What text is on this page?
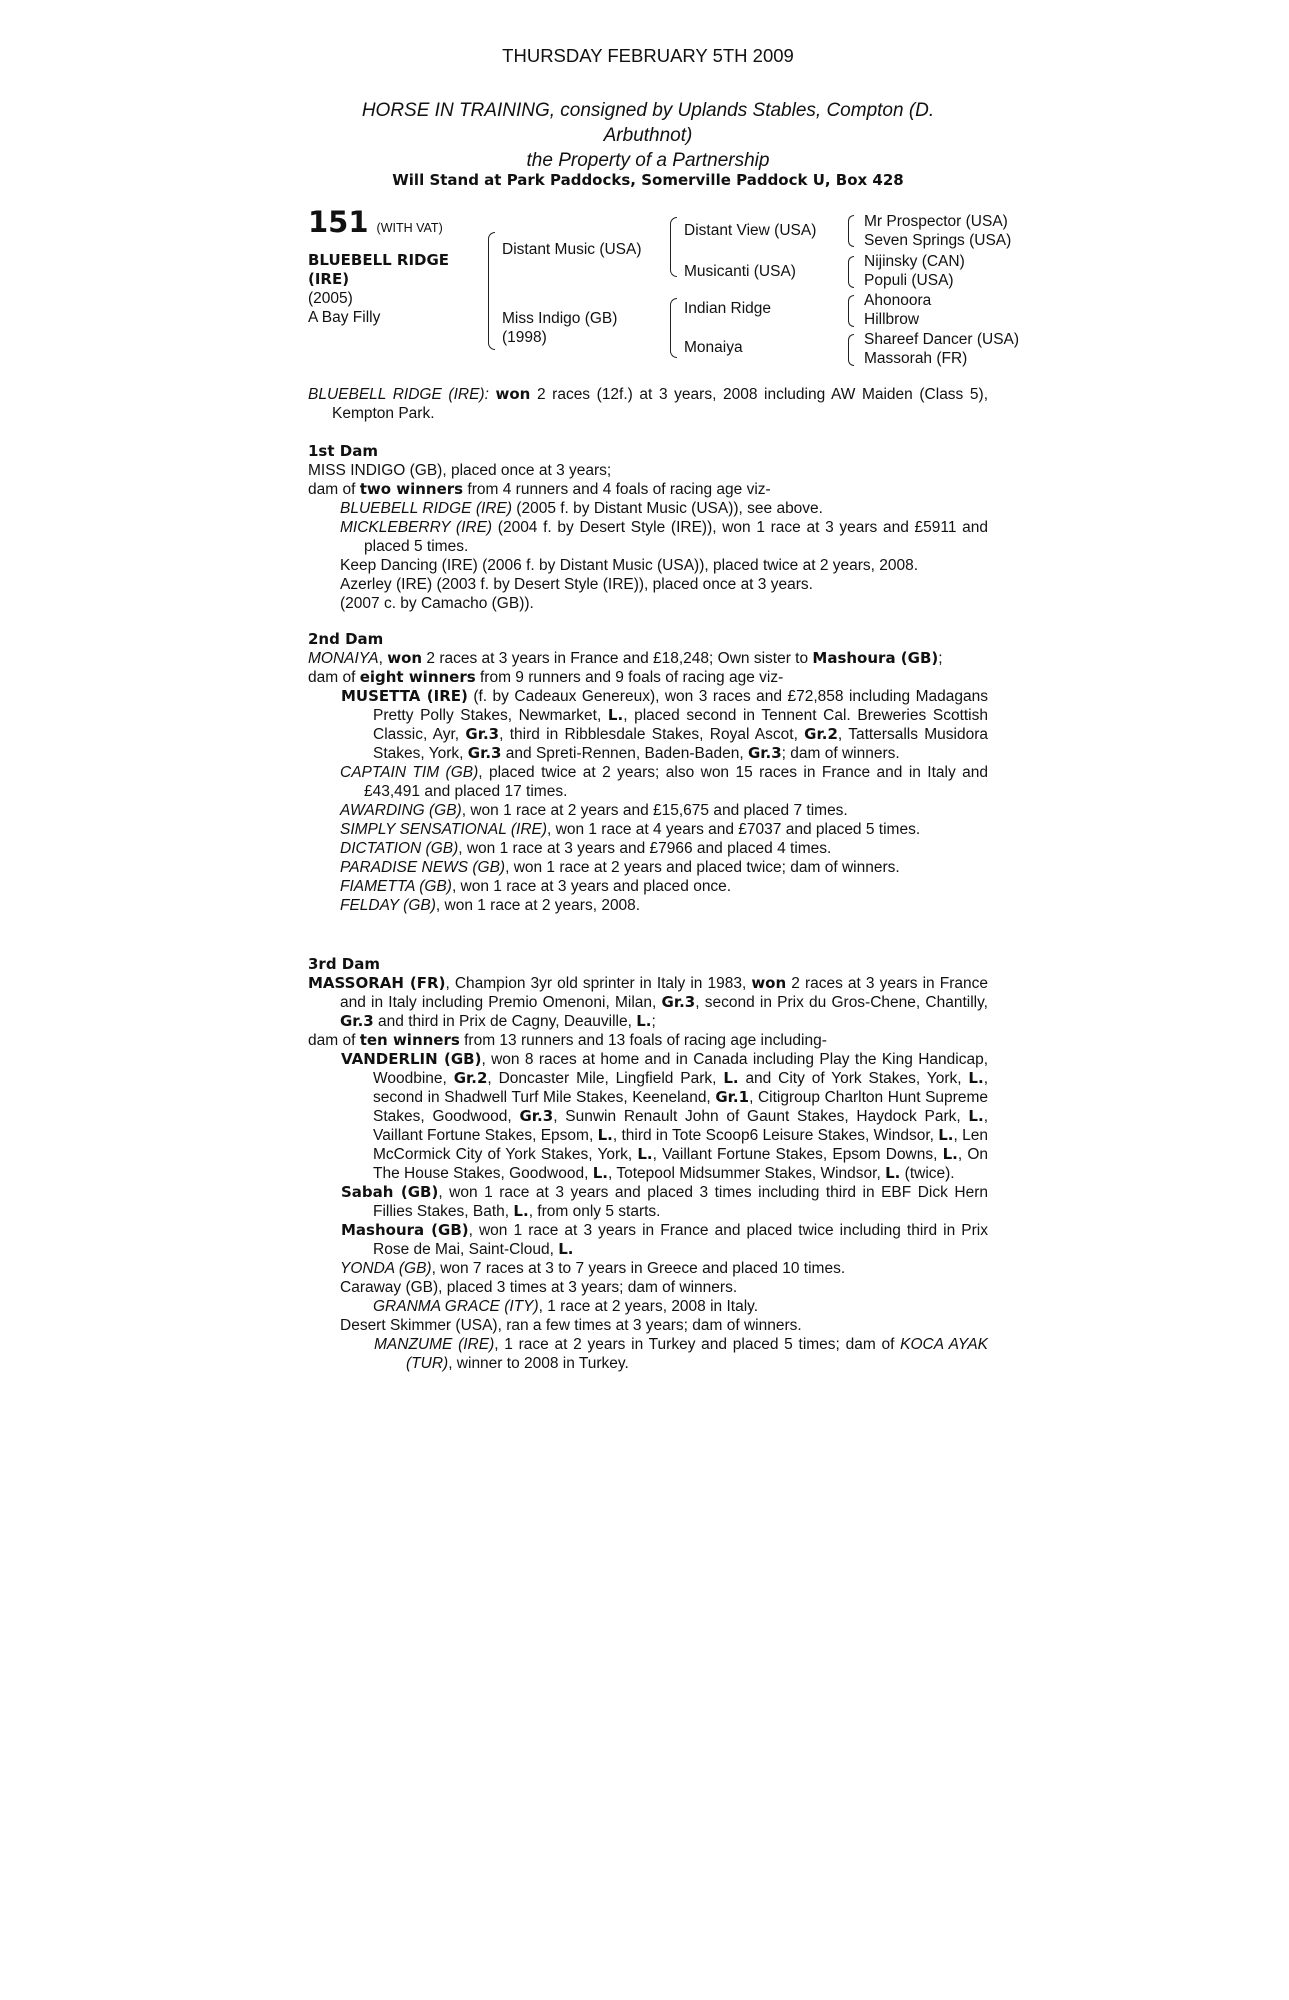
THURSDAY FEBRUARY 5TH 2009
HORSE IN TRAINING, consigned by Uplands Stables, Compton (D.
Arbuthnot)
the Property of a Partnership
Will Stand at Park Paddocks, Somerville Paddock U, Box 428
151 (WITH VAT)
BLUEBELL RIDGE
(IRE)
(2005)
A Bay Filly
Distant Music (USA)
Miss Indigo (GB)
(1998)
Distant View (USA)
Musicanti (USA)
Indian Ridge
Monaiya
Mr Prospector (USA)
Seven Springs (USA)
Nijinsky (CAN)
Populi (USA)
Ahonoora
Hillbrow
Shareef Dancer (USA)
Massorah (FR)

BLUEBELL RIDGE (IRE): won 2 races (12f.) at 3 years, 2008 including AW Maiden (Class 5), Kempton Park.

1st Dam

MISS INDIGO (GB), placed once at 3 years;

dam of two winners from 4 runners and 4 foals of racing age viz-

BLUEBELL RIDGE (IRE) (2005 f. by Distant Music (USA)), see above.

MICKLEBERRY (IRE) (2004 f. by Desert Style (IRE)), won 1 race at 3 years and £5911 and placed 5 times.

Keep Dancing (IRE) (2006 f. by Distant Music (USA)), placed twice at 2 years, 2008.

Azerley (IRE) (2003 f. by Desert Style (IRE)), placed once at 3 years.

(2007 c. by Camacho (GB)).

2nd Dam

MONAIYA, won 2 races at 3 years in France and £18,248; Own sister to Mashoura (GB);

dam of eight winners from 9 runners and 9 foals of racing age viz-

MUSETTA (IRE) (f. by Cadeaux Genereux), won 3 races and £72,858 including Madagans Pretty Polly Stakes, Newmarket, L., placed second in Tennent Cal. Breweries Scottish Classic, Ayr, Gr.3, third in Ribblesdale Stakes, Royal Ascot, Gr.2, Tattersalls Musidora Stakes, York, Gr.3 and Spreti-Rennen, Baden-Baden, Gr.3; dam of winners.

CAPTAIN TIM (GB), placed twice at 2 years; also won 15 races in France and in Italy and £43,491 and placed 17 times.

AWARDING (GB), won 1 race at 2 years and £15,675 and placed 7 times.

SIMPLY SENSATIONAL (IRE), won 1 race at 4 years and £7037 and placed 5 times.

DICTATION (GB), won 1 race at 3 years and £7966 and placed 4 times.

PARADISE NEWS (GB), won 1 race at 2 years and placed twice; dam of winners.

FIAMETTA (GB), won 1 race at 3 years and placed once.

FELDAY (GB), won 1 race at 2 years, 2008.

3rd Dam

MASSORAH (FR), Champion 3yr old sprinter in Italy in 1983, won 2 races at 3 years in France and in Italy including Premio Omenoni, Milan, Gr.3, second in Prix du Gros-Chene, Chantilly, Gr.3 and third in Prix de Cagny, Deauville, L.;

dam of ten winners from 13 runners and 13 foals of racing age including-

VANDERLIN (GB), won 8 races at home and in Canada including Play the King Handicap, Woodbine, Gr.2, Doncaster Mile, Lingfield Park, L. and City of York Stakes, York, L., second in Shadwell Turf Mile Stakes, Keeneland, Gr.1, Citigroup Charlton Hunt Supreme Stakes, Goodwood, Gr.3, Sunwin Renault John of Gaunt Stakes, Haydock Park, L., Vaillant Fortune Stakes, Epsom, L., third in Tote Scoop6 Leisure Stakes, Windsor, L., Len McCormick City of York Stakes, York, L., Vaillant Fortune Stakes, Epsom Downs, L., On The House Stakes, Goodwood, L., Totepool Midsummer Stakes, Windsor, L. (twice).

Sabah (GB), won 1 race at 3 years and placed 3 times including third in EBF Dick Hern Fillies Stakes, Bath, L., from only 5 starts.

Mashoura (GB), won 1 race at 3 years in France and placed twice including third in Prix Rose de Mai, Saint-Cloud, L.

YONDA (GB), won 7 races at 3 to 7 years in Greece and placed 10 times.

Caraway (GB), placed 3 times at 3 years; dam of winners.

GRANMA GRACE (ITY), 1 race at 2 years, 2008 in Italy.

Desert Skimmer (USA), ran a few times at 3 years; dam of winners.

MANZUME (IRE), 1 race at 2 years in Turkey and placed 5 times; dam of KOCA AYAK (TUR), winner to 2008 in Turkey.
